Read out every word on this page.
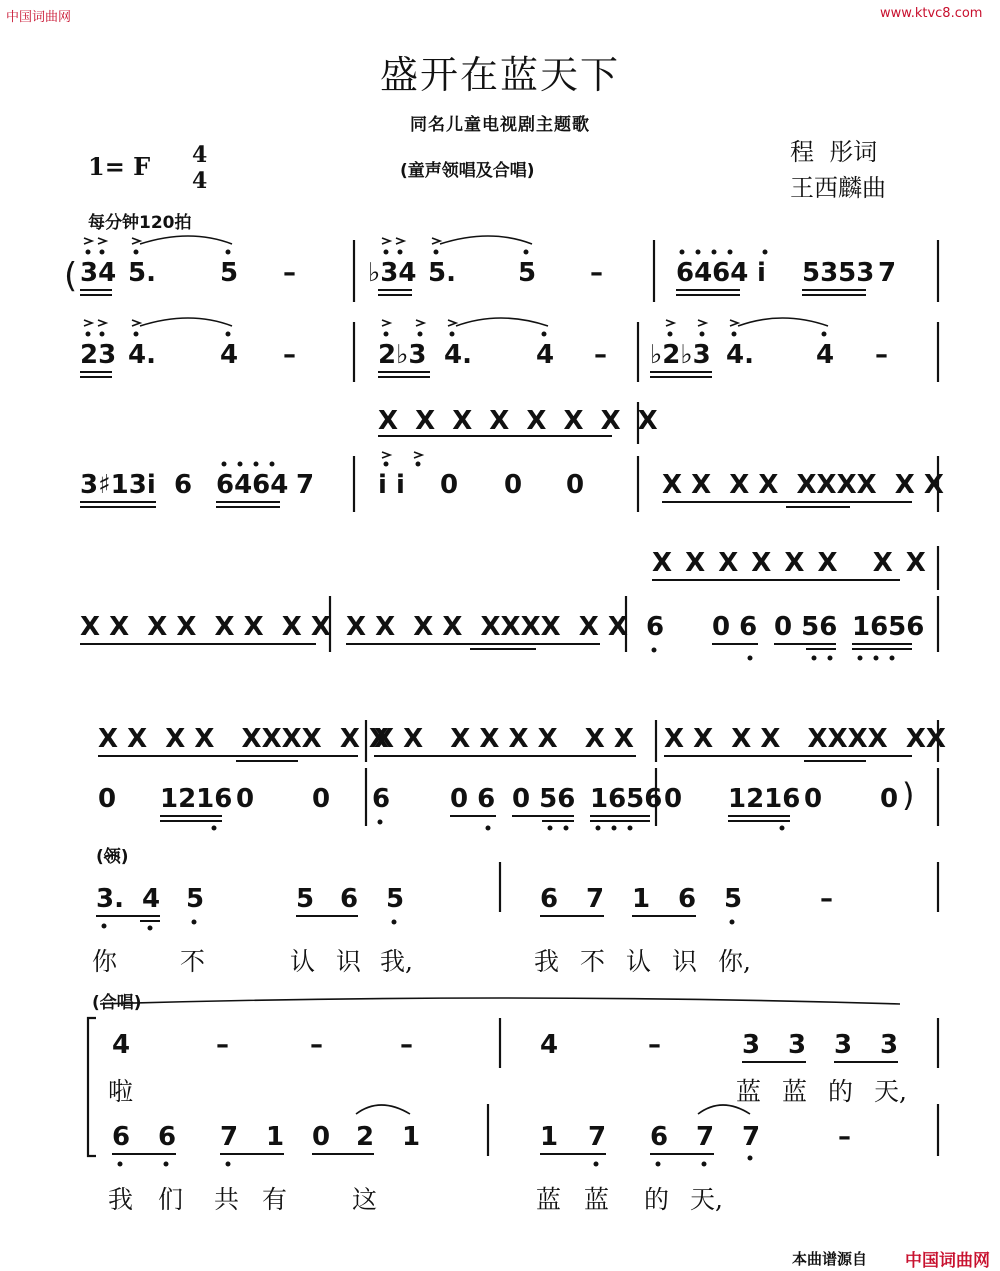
中国词曲网	www.ktvc8.com
盛开在蓝天下
同名儿童电视剧主题歌
(童声领唱及合唱)
程  彤词
王西麟曲
1= F 4
4
每分钟120拍
( 34 5. 5 –	♭34 5. 5 –	6464 i 5353 7
23 4. 4 –	2♭3 4. 4 – ♭2♭3 4. 4 –
X X X X X X X X
3♯13i 6 6464 7 i i 0 0 0	X X  X X  XXXX  X X
X X X X X X   X X
X X  X X  X X  X X X X  X X  XXXX  X X 6 0 6 0 56 1656
X X  X X   XXXX  X X
X X   X X X X   X X X X  X X   XXXX  XX
0 1216 0 0 6 0 6 0 56 1656 0 1216 0 0 )
(领)
3. 4 5	5 6 5	6 7 1 6 5	–
你	不	认 识 我,	我 不 认 识 你,
(合唱)
4	–	–	–	4	–	3 3 3 3
啦	蓝 蓝 的 天,
6 6 7 1 0 2 1	1 7 6 7 7	–
我 们 共 有	这	蓝 蓝 的 天,
本曲谱源自 中国词曲网
